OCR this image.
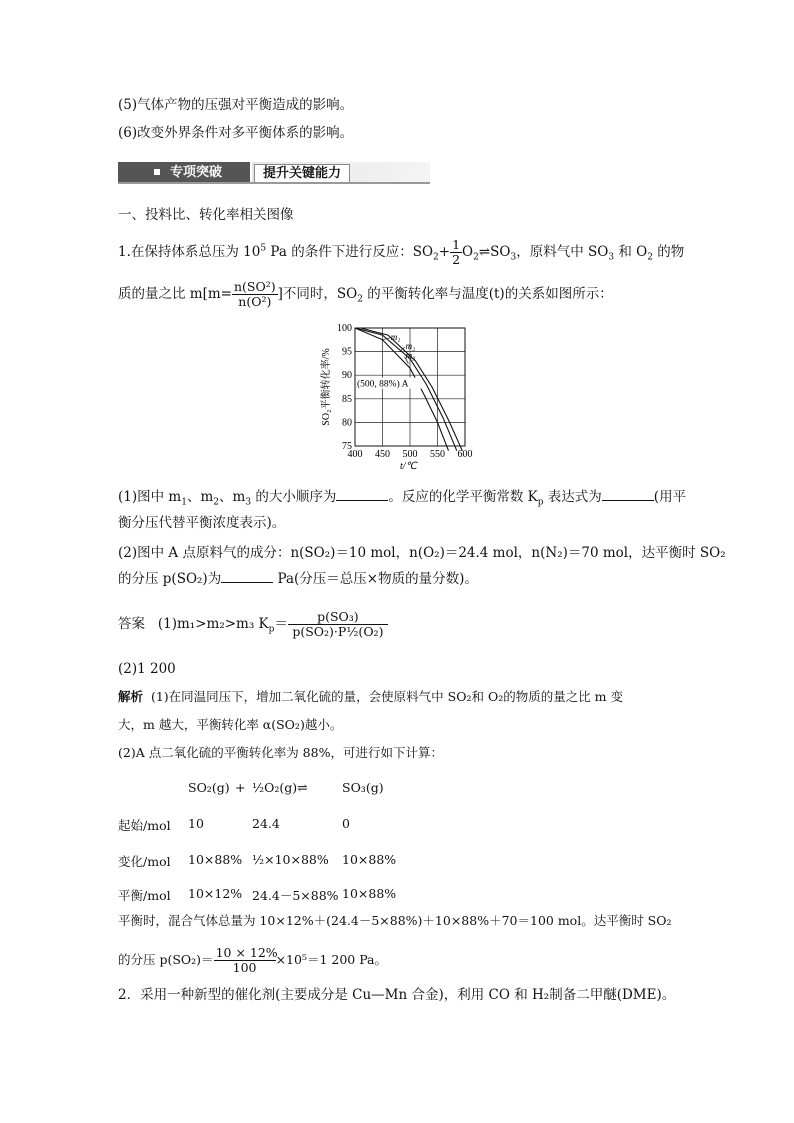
(5)气体产物的压强对平衡造成的影响。
(6)改变外界条件对多平衡体系的影响。
专项突破	提升关键能力
一、投料比、转化率相关图像
1.在保持体系总压为 $10^5$ Pa 的条件下进行反应：$SO_2+ \frac{1}{2}$ $O_2\rightleftharpoons SO_3$，原料气中 $SO_3$ 和 $O_2$ 的物
质的量之比 $m[m= \frac{\text{n(SO²)}}{\text{n(O²)}}$ ]不同时，$SO_2$ 的平衡转化率与温度(t)的关系如图所示：
400 450 500 550 600
75
80
85
90
95
100
t/℃
SO₂平衡转化率/%
m₁
m₂
m₃
(500, 88%) A
(1)图中 $m_1$、$m_2$、$m_3$ 的大小顺序为	。反应的化学平衡常数 $K_p$ 表达式为	(用平
衡分压代替平衡浓度表示)。
(2)图中 A 点原料气的成分：n(SO₂)＝10 mol，n(O₂)＝24.4 mol，n(N₂)＝70 mol，达平衡时 SO₂
的分压 p(SO₂)为	Pa(分压＝总压×物质的量分数)。
答案 (1)m₁>m₂>m₃ $K_p= \frac{\text{p(SO₃)}}{\text{p(SO₂)·P½(O₂)}}$
(2)1 200
解析 (1)在同温同压下，增加二氧化硫的量，会使原料气中 SO₂和 O₂的物质的量之比 m 变
大，m 越大，平衡转化率 α(SO₂)越小。
(2)A 点二氧化硫的平衡转化率为 88%，可进行如下计算：
SO₂(g) + ½O₂(g)⇌	SO₃(g)
起始/mol 10	24.4	0
变化/mol 10×88% ½×10×88% 10×88%
平衡/mol 10×12% 24.4－5×88% 10×88%
平衡时，混合气体总量为 10×12%＋(24.4－5×88%)＋10×88%＋70＝100 mol。达平衡时 SO₂
的分压 $p(SO_2)= \frac{10 \times 12\%}{100} \times 10^5=1$ 200 Pa。
2．采用一种新型的催化剂(主要成分是 Cu—Mn 合金)，利用 CO 和 H₂制备二甲醚(DME)。
